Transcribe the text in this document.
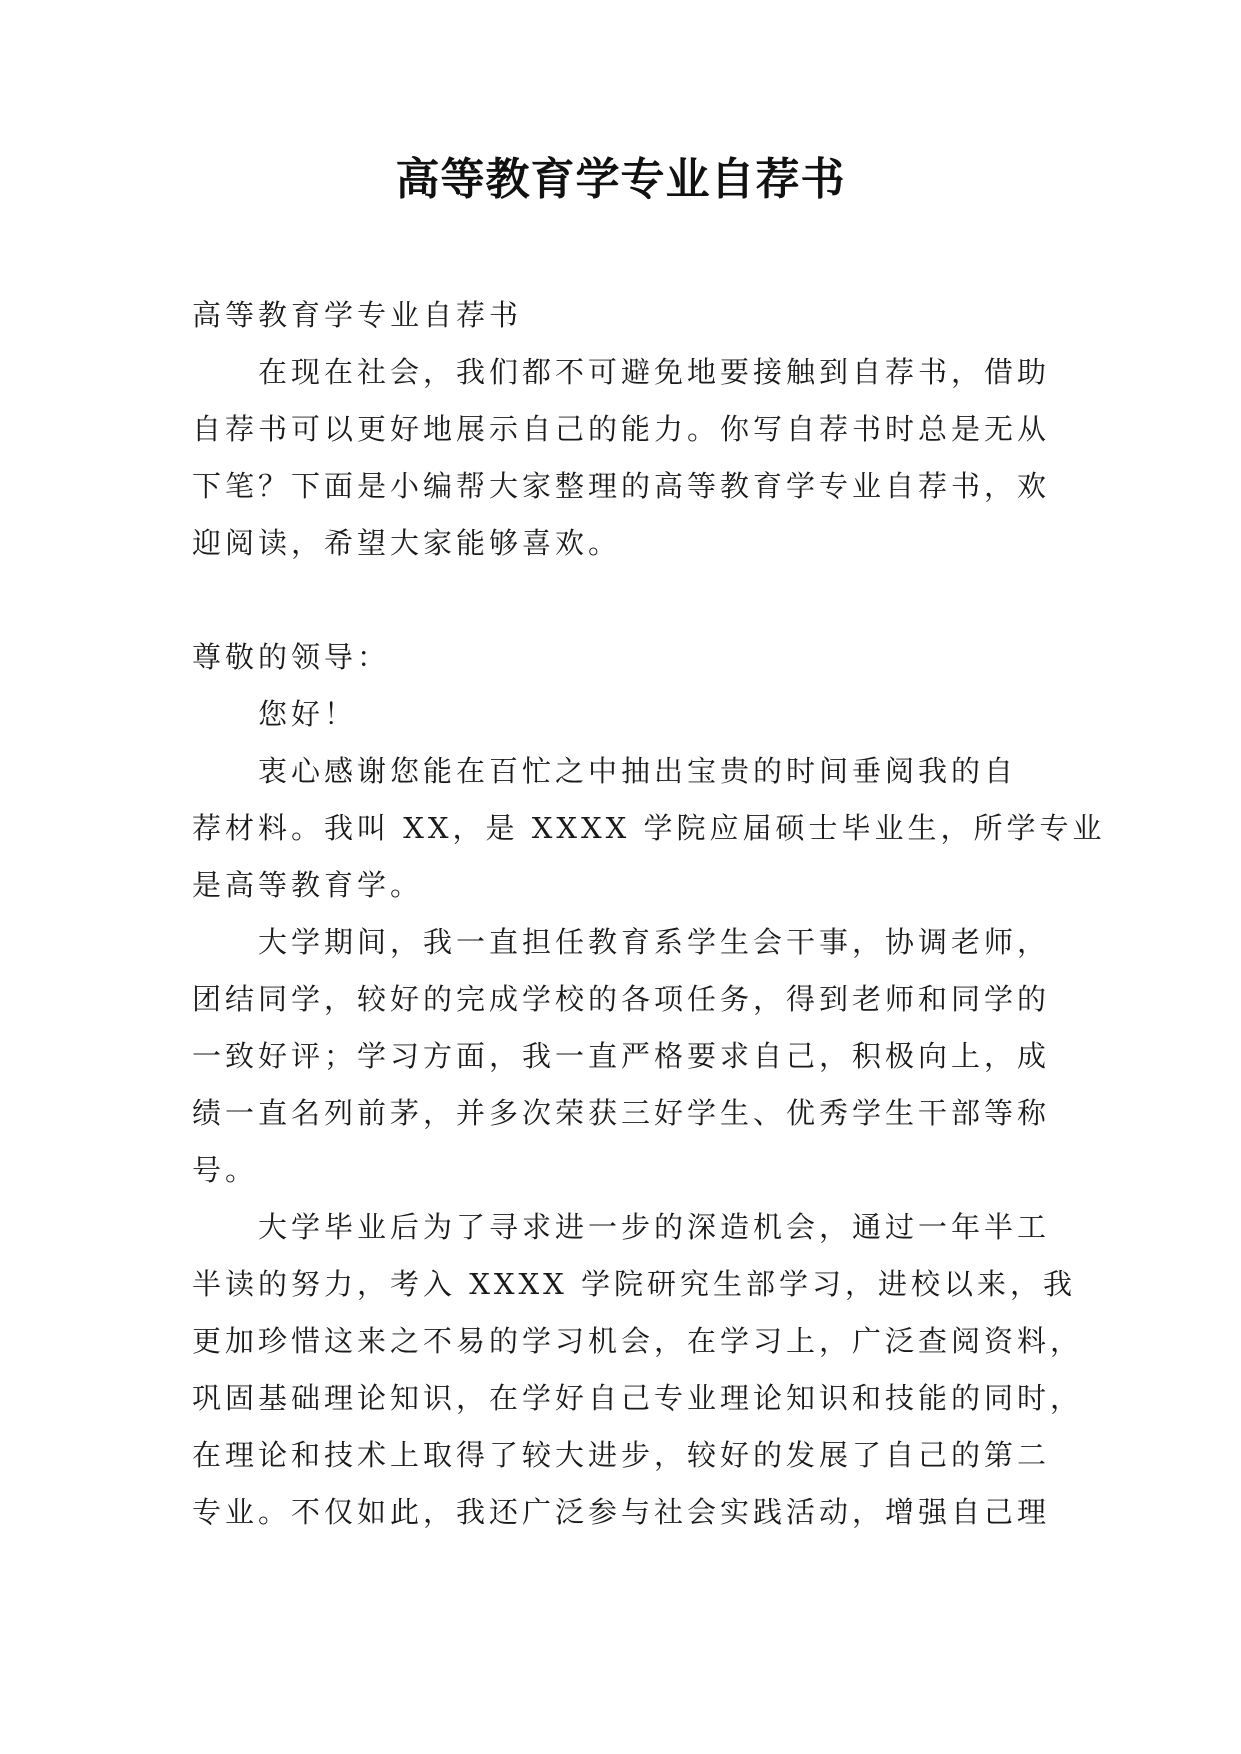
高等教育学专业自荐书
高等教育学专业自荐书
在现在社会，我们都不可避免地要接触到自荐书，借助
自荐书可以更好地展示自己的能力。你写自荐书时总是无从
下笔？下面是小编帮大家整理的高等教育学专业自荐书，欢
迎阅读，希望大家能够喜欢。
尊敬的领导：
您好！
衷心感谢您能在百忙之中抽出宝贵的时间垂阅我的自
荐材料。我叫 XX，是 XXXX 学院应届硕士毕业生，所学专业
是高等教育学。
大学期间，我一直担任教育系学生会干事，协调老师，
团结同学，较好的完成学校的各项任务，得到老师和同学的
一致好评；学习方面，我一直严格要求自己，积极向上，成
绩一直名列前茅，并多次荣获三好学生、优秀学生干部等称
号。
大学毕业后为了寻求进一步的深造机会，通过一年半工
半读的努力，考入 XXXX 学院研究生部学习，进校以来，我
更加珍惜这来之不易的学习机会，在学习上，广泛查阅资料，
巩固基础理论知识，在学好自己专业理论知识和技能的同时，
在理论和技术上取得了较大进步，较好的发展了自己的第二
专业。不仅如此，我还广泛参与社会实践活动，增强自己理
